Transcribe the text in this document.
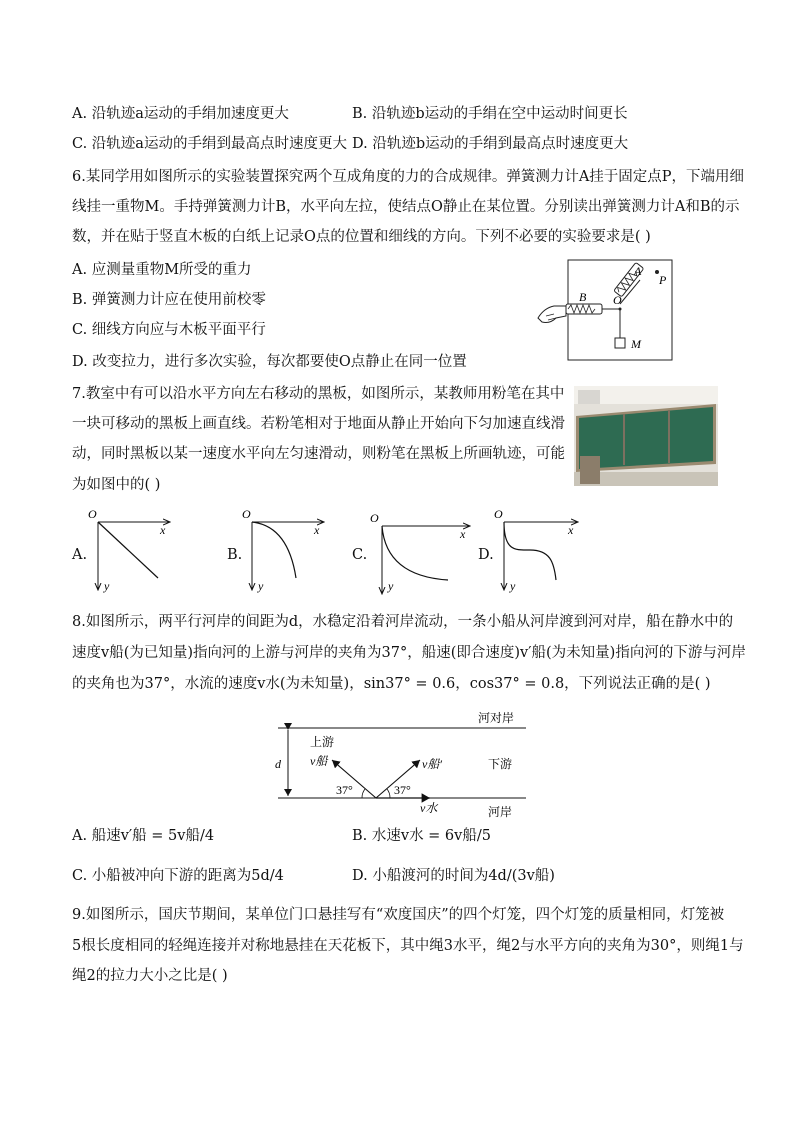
A. 沿轨迹a运动的手绢加速度更大	B. 沿轨迹b运动的手绢在空中运动时间更长
C. 沿轨迹a运动的手绢到最高点时速度更大 D. 沿轨迹b运动的手绢到最高点时速度更大
6.某同学用如图所示的实验装置探究两个互成角度的力的合成规律。弹簧测力计A挂于固定点P，下端用细
线挂一重物M。手持弹簧测力计B，水平向左拉，使结点O静止在某位置。分别读出弹簧测力计A和B的示
数，并在贴于竖直木板的白纸上记录O点的位置和细线的方向。下列不必要的实验要求是( )
A. 应测量重物M所受的重力
B. 弹簧测力计应在使用前校零
C. 细线方向应与木板平面平行
D. 改变拉力，进行多次实验，每次都要使O点静止在同一位置
B O
A
P
M
7.教室中有可以沿水平方向左右移动的黑板，如图所示，某教师用粉笔在其中
一块可移动的黑板上画直线。若粉笔相对于地面从静止开始向下匀加速直线滑
动，同时黑板以某一速度水平向左匀速滑动，则粉笔在黑板上所画轨迹，可能
为如图中的( )
A.
O
x
y
B.
O
x
y
C.
O
x
y
D.
O
x
y
8.如图所示，两平行河岸的间距为d，水稳定沿着河岸流动，一条小船从河岸渡到河对岸，船在静水中的
速度v船(为已知量)指向河的上游与河岸的夹角为37°，船速(即合速度)v′船(为未知量)指向河的下游与河岸
的夹角也为37°，水流的速度v水(为未知量)，sin37° = 0.6，cos37° = 0.8，下列说法正确的是( )
河对岸
河岸
上游
下游
d v船	v船′
v水
37°	37°
A. 船速v′船 = 5v船/4	B. 水速v水 = 6v船/5
C. 小船被冲向下游的距离为5d/4	D. 小船渡河的时间为4d/(3v船)
9.如图所示，国庆节期间，某单位门口悬挂写有“欢度国庆”的四个灯笼，四个灯笼的质量相同，灯笼被
5根长度相同的轻绳连接并对称地悬挂在天花板下，其中绳3水平，绳2与水平方向的夹角为30°，则绳1与
绳2的拉力大小之比是( )
